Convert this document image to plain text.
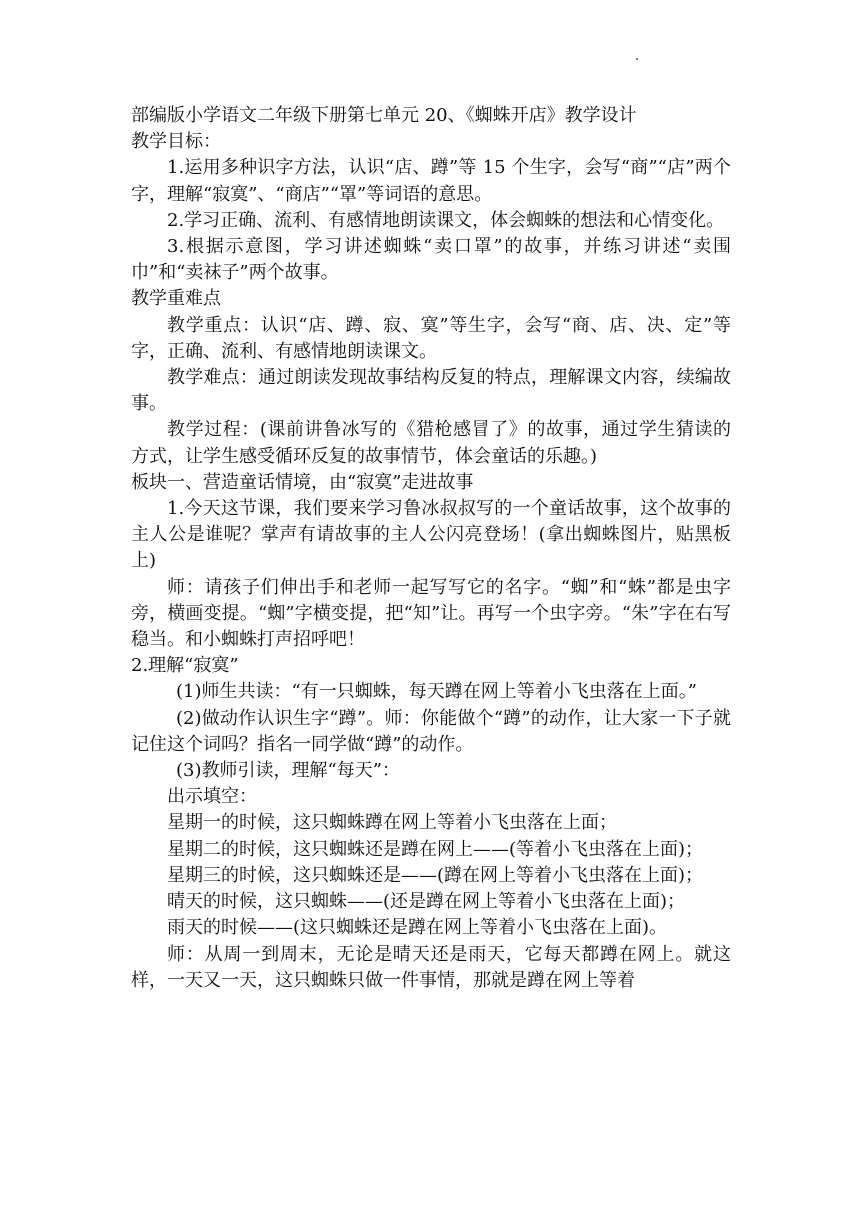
部编版小学语文二年级下册第七单元 20、《蜘蛛开店》教学设计

教学目标：

1.运用多种识字方法，认识“店、蹲”等 15 个生字，会写“商”“店”两个字，理解“寂寞”、“商店”“罩”等词语的意思。

2.学习正确、流利、有感情地朗读课文，体会蜘蛛的想法和心情变化。

3.根据示意图，学习讲述蜘蛛“卖口罩”的故事，并练习讲述“卖围巾”和“卖袜子”两个故事。

教学重难点

教学重点：认识“店、蹲、寂、寞”等生字，会写“商、店、决、定”等字，正确、流利、有感情地朗读课文。

教学难点：通过朗读发现故事结构反复的特点，理解课文内容，续编故事。

教学过程：(课前讲鲁冰写的《猎枪感冒了》的故事，通过学生猜读的方式，让学生感受循环反复的故事情节，体会童话的乐趣。)

板块一、营造童话情境，由“寂寞”走进故事

1.今天这节课，我们要来学习鲁冰叔叔写的一个童话故事，这个故事的主人公是谁呢？掌声有请故事的主人公闪亮登场！(拿出蜘蛛图片，贴黑板上)

师：请孩子们伸出手和老师一起写写它的名字。“蜘”和“蛛”都是虫字旁，横画变提。“蜘”字横变提，把“知”让。再写一个虫字旁。“朱”字在右写稳当。和小蜘蛛打声招呼吧！

2.理解“寂寞”

(1)师生共读：“有一只蜘蛛，每天蹲在网上等着小飞虫落在上面。”

(2)做动作认识生字“蹲”。师：你能做个“蹲”的动作，让大家一下子就记住这个词吗？指名一同学做“蹲”的动作。

(3)教师引读，理解“每天”：

出示填空：

星期一的时候，这只蜘蛛蹲在网上等着小飞虫落在上面；

星期二的时候，这只蜘蛛还是蹲在网上——(等着小飞虫落在上面)；

星期三的时候，这只蜘蛛还是——(蹲在网上等着小飞虫落在上面)；

晴天的时候，这只蜘蛛——(还是蹲在网上等着小飞虫落在上面)；

雨天的时候——(这只蜘蛛还是蹲在网上等着小飞虫落在上面)。

师：从周一到周末，无论是晴天还是雨天，它每天都蹲在网上。就这样，一天又一天，这只蜘蛛只做一件事情，那就是蹲在网上等着
